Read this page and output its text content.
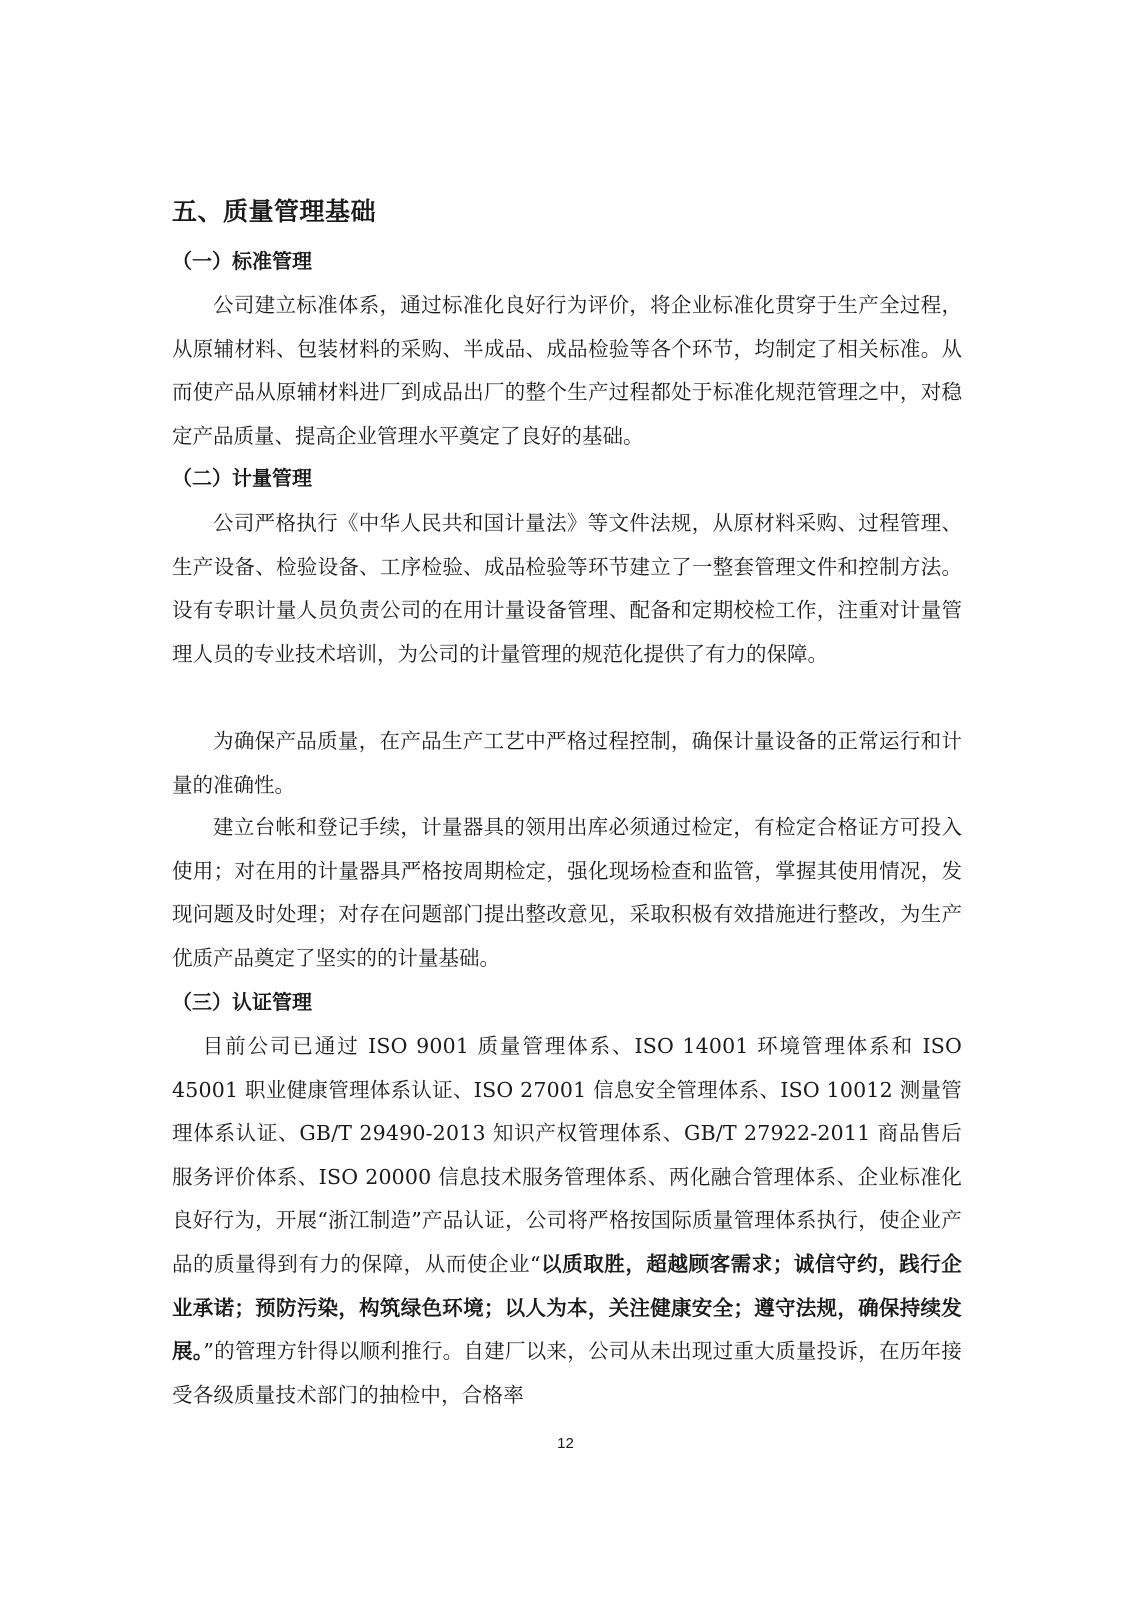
五、质量管理基础
（一）标准管理

公司建立标准体系，通过标准化良好行为评价，将企业标准化贯穿于生产全过程，从原辅材料、包装材料的采购、半成品、成品检验等各个环节，均制定了相关标准。从而使产品从原辅材料进厂到成品出厂的整个生产过程都处于标准化规范管理之中，对稳定产品质量、提高企业管理水平奠定了良好的基础。

（二）计量管理

公司严格执行《中华人民共和国计量法》等文件法规，从原材料采购、过程管理、生产设备、检验设备、工序检验、成品检验等环节建立了一整套管理文件和控制方法。设有专职计量人员负责公司的在用计量设备管理、配备和定期校检工作，注重对计量管理人员的专业技术培训，为公司的计量管理的规范化提供了有力的保障。

为确保产品质量，在产品生产工艺中严格过程控制，确保计量设备的正常运行和计量的准确性。

建立台帐和登记手续，计量器具的领用出库必须通过检定，有检定合格证方可投入使用；对在用的计量器具严格按周期检定，强化现场检查和监管，掌握其使用情况，发现问题及时处理；对存在问题部门提出整改意见，采取积极有效措施进行整改，为生产优质产品奠定了坚实的的计量基础。

（三）认证管理

目前公司已通过 ISO 9001 质量管理体系、ISO 14001 环境管理体系和 ISO 45001 职业健康管理体系认证、ISO 27001 信息安全管理体系、ISO 10012 测量管理体系认证、GB/T 29490-2013 知识产权管理体系、GB/T 27922-2011 商品售后服务评价体系、ISO 20000 信息技术服务管理体系、两化融合管理体系、企业标准化良好行为，开展“浙江制造”产品认证，公司将严格按国际质量管理体系执行，使企业产品的质量得到有力的保障，从而使企业“以质取胜，超越顾客需求；诚信守约，践行企业承诺；预防污染，构筑绿色环境；以人为本，关注健康安全；遵守法规，确保持续发展。”的管理方针得以顺利推行。自建厂以来，公司从未出现过重大质量投诉，在历年接受各级质量技术部门的抽检中，合格率

12
